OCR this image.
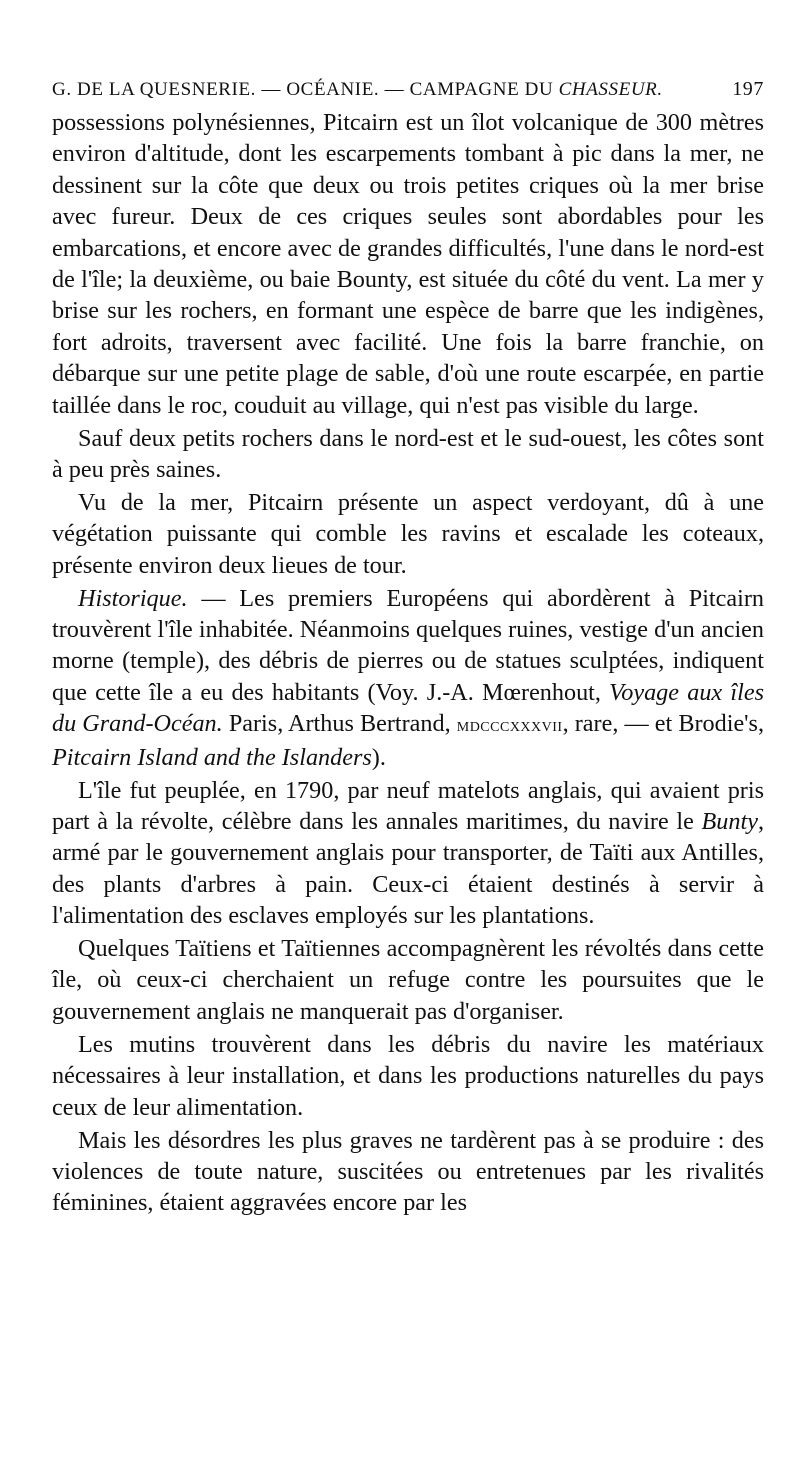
G. DE LA QUESNERIE. — OCÉANIE. — CAMPAGNE DU CHASSEUR.	197

possessions polynésiennes, Pitcairn est un îlot volcanique de 300 mètres environ d'altitude, dont les escarpements tombant à pic dans la mer, ne dessinent sur la côte que deux ou trois petites criques où la mer brise avec fureur. Deux de ces criques seules sont abordables pour les embarcations, et encore avec de grandes difficultés, l'une dans le nord-est de l'île; la deuxième, ou baie Bounty, est située du côté du vent. La mer y brise sur les rochers, en formant une espèce de barre que les indigènes, fort adroits, traversent avec facilité. Une fois la barre franchie, on débarque sur une petite plage de sable, d'où une route escarpée, en partie taillée dans le roc, couduit au village, qui n'est pas visible du large.

Sauf deux petits rochers dans le nord-est et le sud-ouest, les côtes sont à peu près saines.

Vu de la mer, Pitcairn présente un aspect verdoyant, dû à une végétation puissante qui comble les ravins et escalade les coteaux, présente environ deux lieues de tour.

Historique. — Les premiers Européens qui abordèrent à Pitcairn trouvèrent l'île inhabitée. Néanmoins quelques ruines, vestige d'un ancien morne (temple), des débris de pierres ou de statues sculptées, indiquent que cette île a eu des habitants (Voy. J.-A. Mœrenhout, Voyage aux îles du Grand-Océan. Paris, Arthus Bertrand, mdcccxxxvii, rare, — et Brodie's, Pitcairn Island and the Islanders).

L'île fut peuplée, en 1790, par neuf matelots anglais, qui avaient pris part à la révolte, célèbre dans les annales maritimes, du navire le Bunty, armé par le gouvernement anglais pour transporter, de Taïti aux Antilles, des plants d'arbres à pain. Ceux-ci étaient destinés à servir à l'alimentation des esclaves employés sur les plantations.

Quelques Taïtiens et Taïtiennes accompagnèrent les révoltés dans cette île, où ceux-ci cherchaient un refuge contre les poursuites que le gouvernement anglais ne manquerait pas d'organiser.

Les mutins trouvèrent dans les débris du navire les matériaux nécessaires à leur installation, et dans les productions naturelles du pays ceux de leur alimentation.

Mais les désordres les plus graves ne tardèrent pas à se produire : des violences de toute nature, suscitées ou entretenues par les rivalités féminines, étaient aggravées encore par les
